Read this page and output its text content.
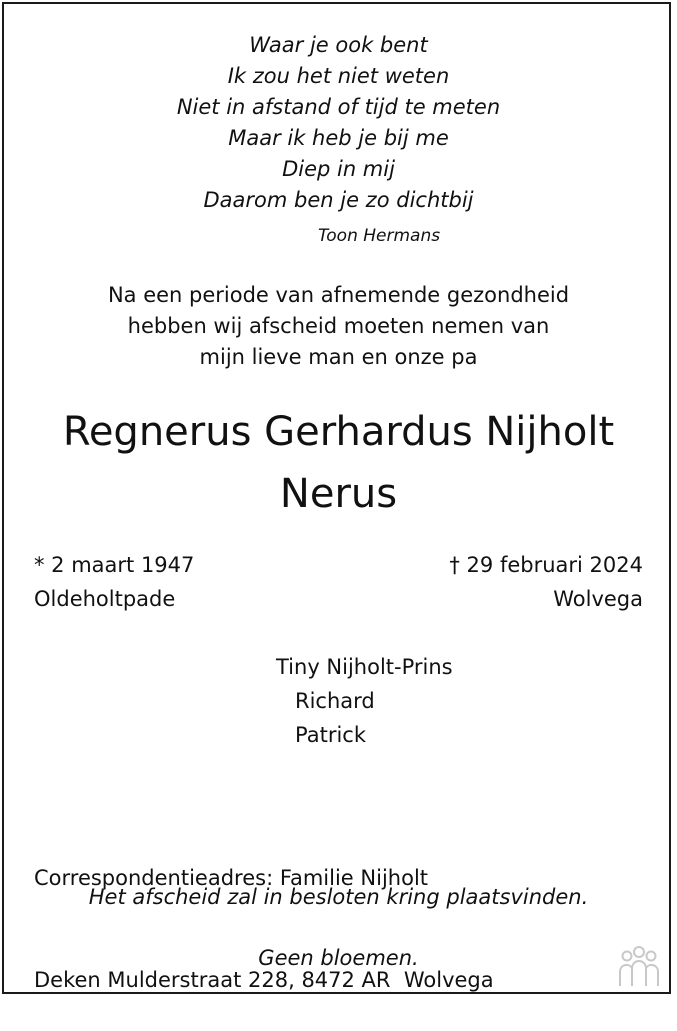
Waar je ook bent
Ik zou het niet weten
Niet in afstand of tijd te meten
Maar ik heb je bij me
Diep in mij
Daarom ben je zo dichtbij
Toon Hermans
Na een periode van afnemende gezondheid
hebben wij afscheid moeten nemen van
mijn lieve man en onze pa
Regnerus Gerhardus Nijholt
Nerus
* 2 maart 1947
Oldeholtpade
† 29 februari 2024
Wolvega
Tiny Nijholt-Prins
Richard
Patrick

Correspondentieadres: Familie Nijholt

Deken Mulderstraat 228, 8472 AR  Wolvega

Het afscheid zal in besloten kring plaatsvinden.
Geen bloemen.
